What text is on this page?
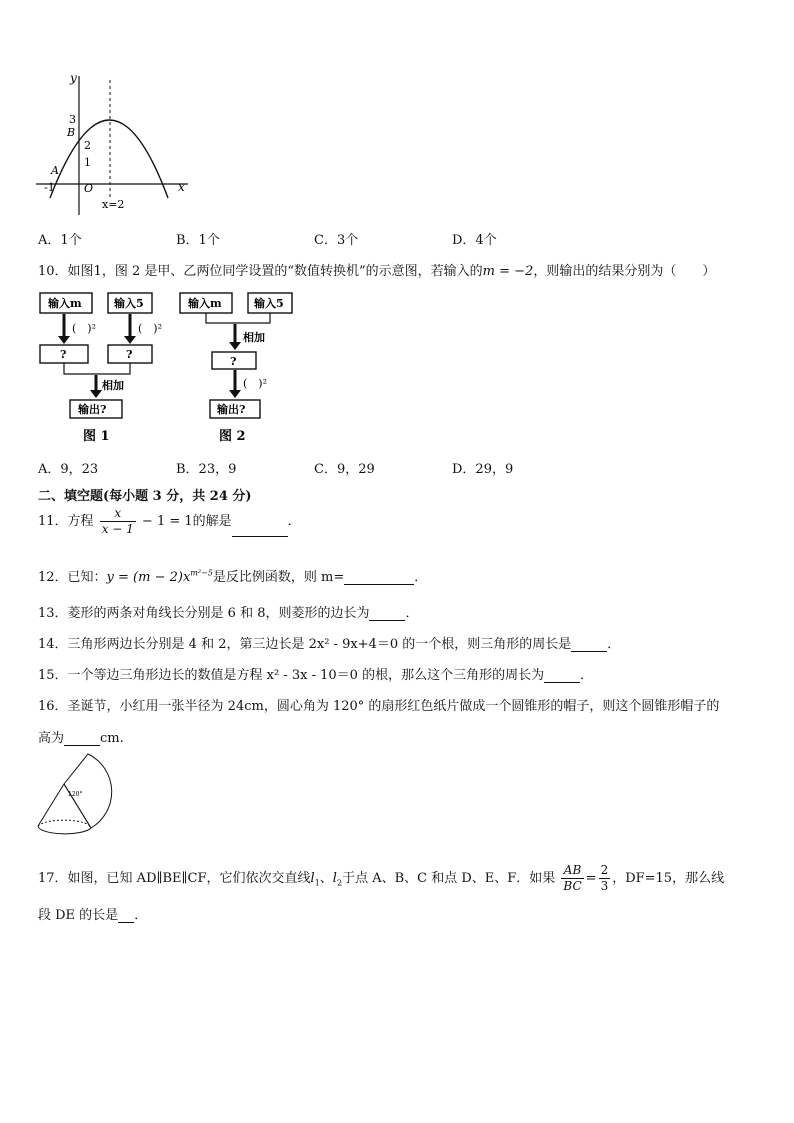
y
x
O
3
2
1
-1
B
A
x=2
A．1个	B．1个	C．3个	D．4个
10．如图1，图 2 是甲、乙两位同学设置的“数值转换机”的示意图，若输入的m = −2，则输出的结果分别为（　　）
输入m	输入5
(　)²	(　)²
?	?
相加
输出?
图 1
输入m	输入5
相加
?
(　)²
输出?
图 2
A．9，23	B．23，9	C．9，29	D．29，9
二、填空题(每小题 3 分，共 24 分)
11．方程 $\frac{x}{x - 1} - 1 = 1$的解是	．
12．已知：$y = (m - 2)x^{m^2-5}$是反比例函数，则 m=	．
13．菱形的两条对角线长分别是 6 和 8，则菱形的边长为	．
14．三角形两边长分别是 4 和 2，第三边长是 2x² - 9x+4＝0 的一个根，则三角形的周长是	．
15．一个等边三角形边长的数值是方程 x² - 3x - 10＝0 的根，那么这个三角形的周长为	．
16．圣诞节，小红用一张半径为 24cm，圆心角为 120° 的扇形红色纸片做成一个圆锥形的帽子，则这个圆锥形帽子的
高为	cm.
120°
17．如图，已知 AD∥BE∥CF，它们依次交直线$l_1$、$l_2$于点 A、B、C 和点 D、E、F．如果 $\frac{AB}{BC} = \frac{2}{3}$ ，DF=15，那么线
段 DE 的长是 ．
